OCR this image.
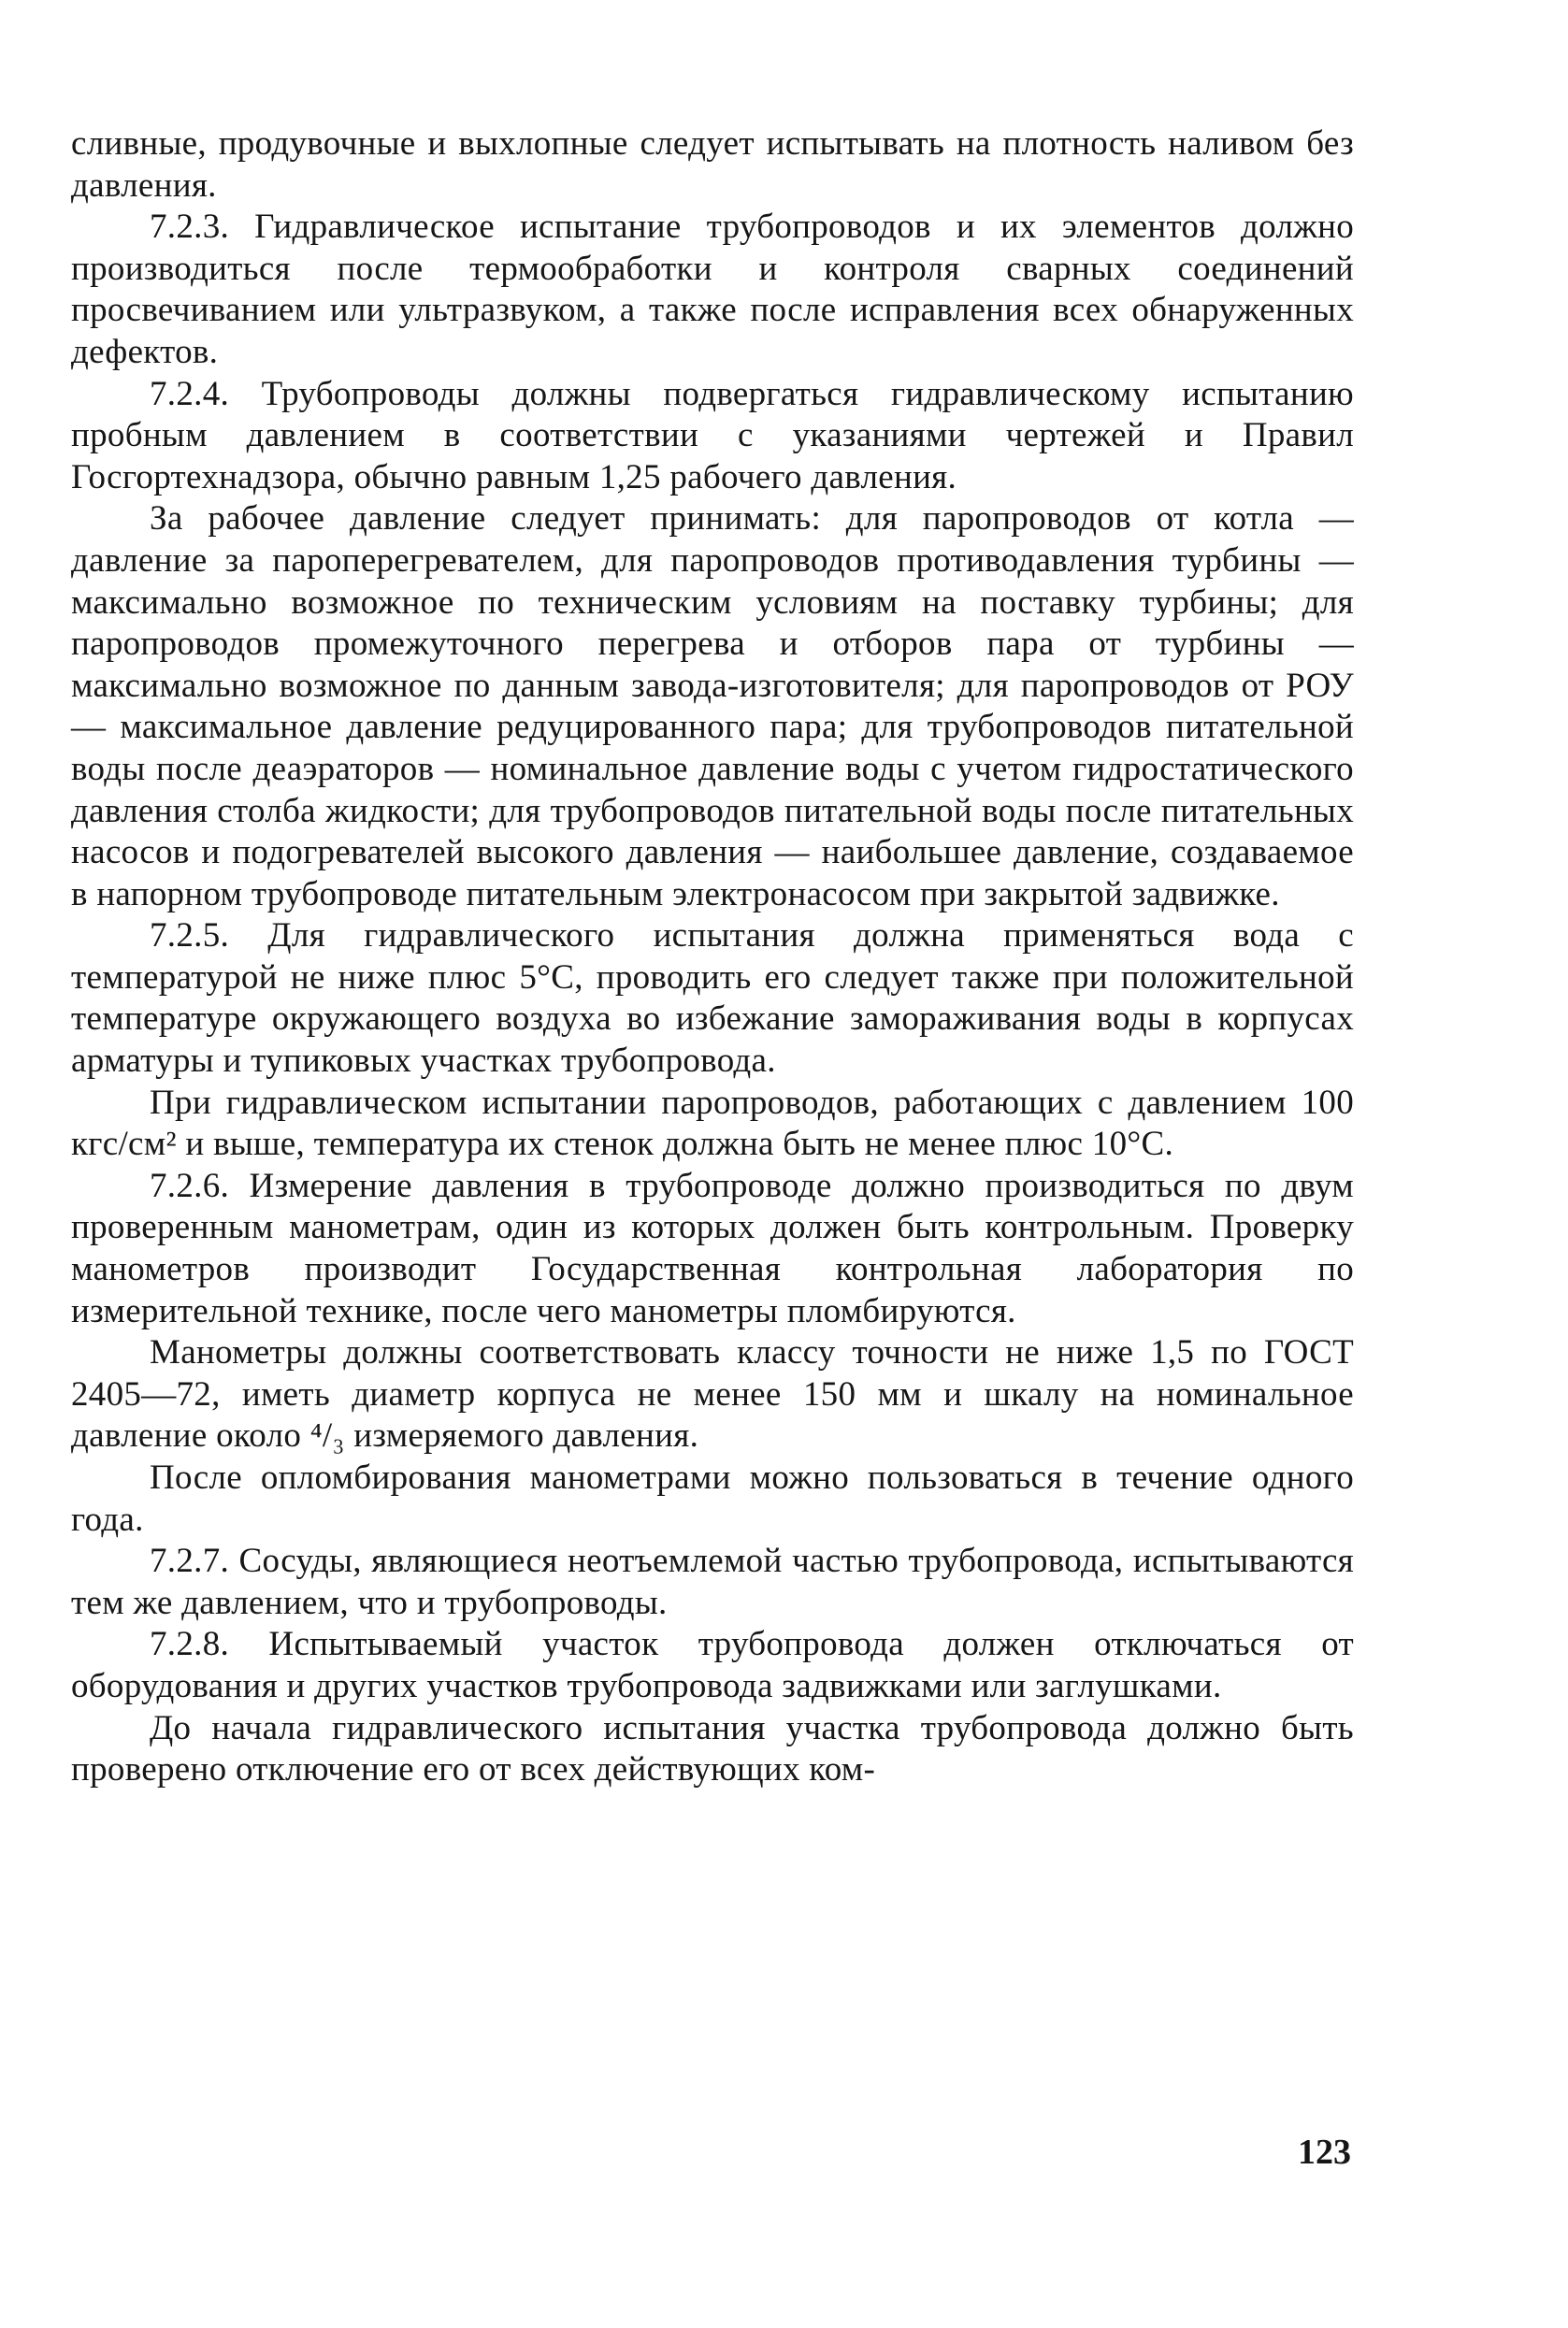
сливные, продувочные и выхлопные следует испытывать на плотность наливом без давления.

7.2.3. Гидравлическое испытание трубопроводов и их элементов должно производиться после термообработки и контроля сварных соединений просвечиванием или ультразвуком, а также после исправления всех обнаруженных дефектов.

7.2.4. Трубопроводы должны подвергаться гидравлическому испытанию пробным давлением в соответствии с указаниями чертежей и Правил Госгортехнадзора, обычно равным 1,25 рабочего давления.

За рабочее давление следует принимать: для паропроводов от котла — давление за пароперегревателем, для паропроводов противодавления турбины — максимально возможное по техническим условиям на поставку турбины; для паропроводов промежуточного перегрева и отборов пара от турбины — максимально возможное по данным завода-изготовителя; для паропроводов от РОУ — максимальное давление редуцированного пара; для трубопроводов питательной воды после деаэраторов — номинальное давление воды с учетом гидростатического давления столба жидкости; для трубопроводов питательной воды после питательных насосов и подогревателей высокого давления — наибольшее давление, создаваемое в напорном трубопроводе питательным электронасосом при закрытой задвижке.

7.2.5. Для гидравлического испытания должна применяться вода с температурой не ниже плюс 5°С, проводить его следует также при положительной температуре окружающего воздуха во избежание замораживания воды в корпусах арматуры и тупиковых участках трубопровода.

При гидравлическом испытании паропроводов, работающих с давлением 100 кгс/см² и выше, температура их стенок должна быть не менее плюс 10°С.

7.2.6. Измерение давления в трубопроводе должно производиться по двум проверенным манометрам, один из которых должен быть контрольным. Проверку манометров производит Государственная контрольная лаборатория по измерительной технике, после чего манометры пломбируются.

Манометры должны соответствовать классу точности не ниже 1,5 по ГОСТ 2405—72, иметь диаметр корпуса не менее 150 мм и шкалу на номинальное давление около ⁴/₃ измеряемого давления.

После опломбирования манометрами можно пользоваться в течение одного года.

7.2.7. Сосуды, являющиеся неотъемлемой частью трубопровода, испытываются тем же давлением, что и трубопроводы.

7.2.8. Испытываемый участок трубопровода должен отключаться от оборудования и других участков трубопровода задвижками или заглушками.

До начала гидравлического испытания участка трубопровода должно быть проверено отключение его от всех действующих ком-

123
